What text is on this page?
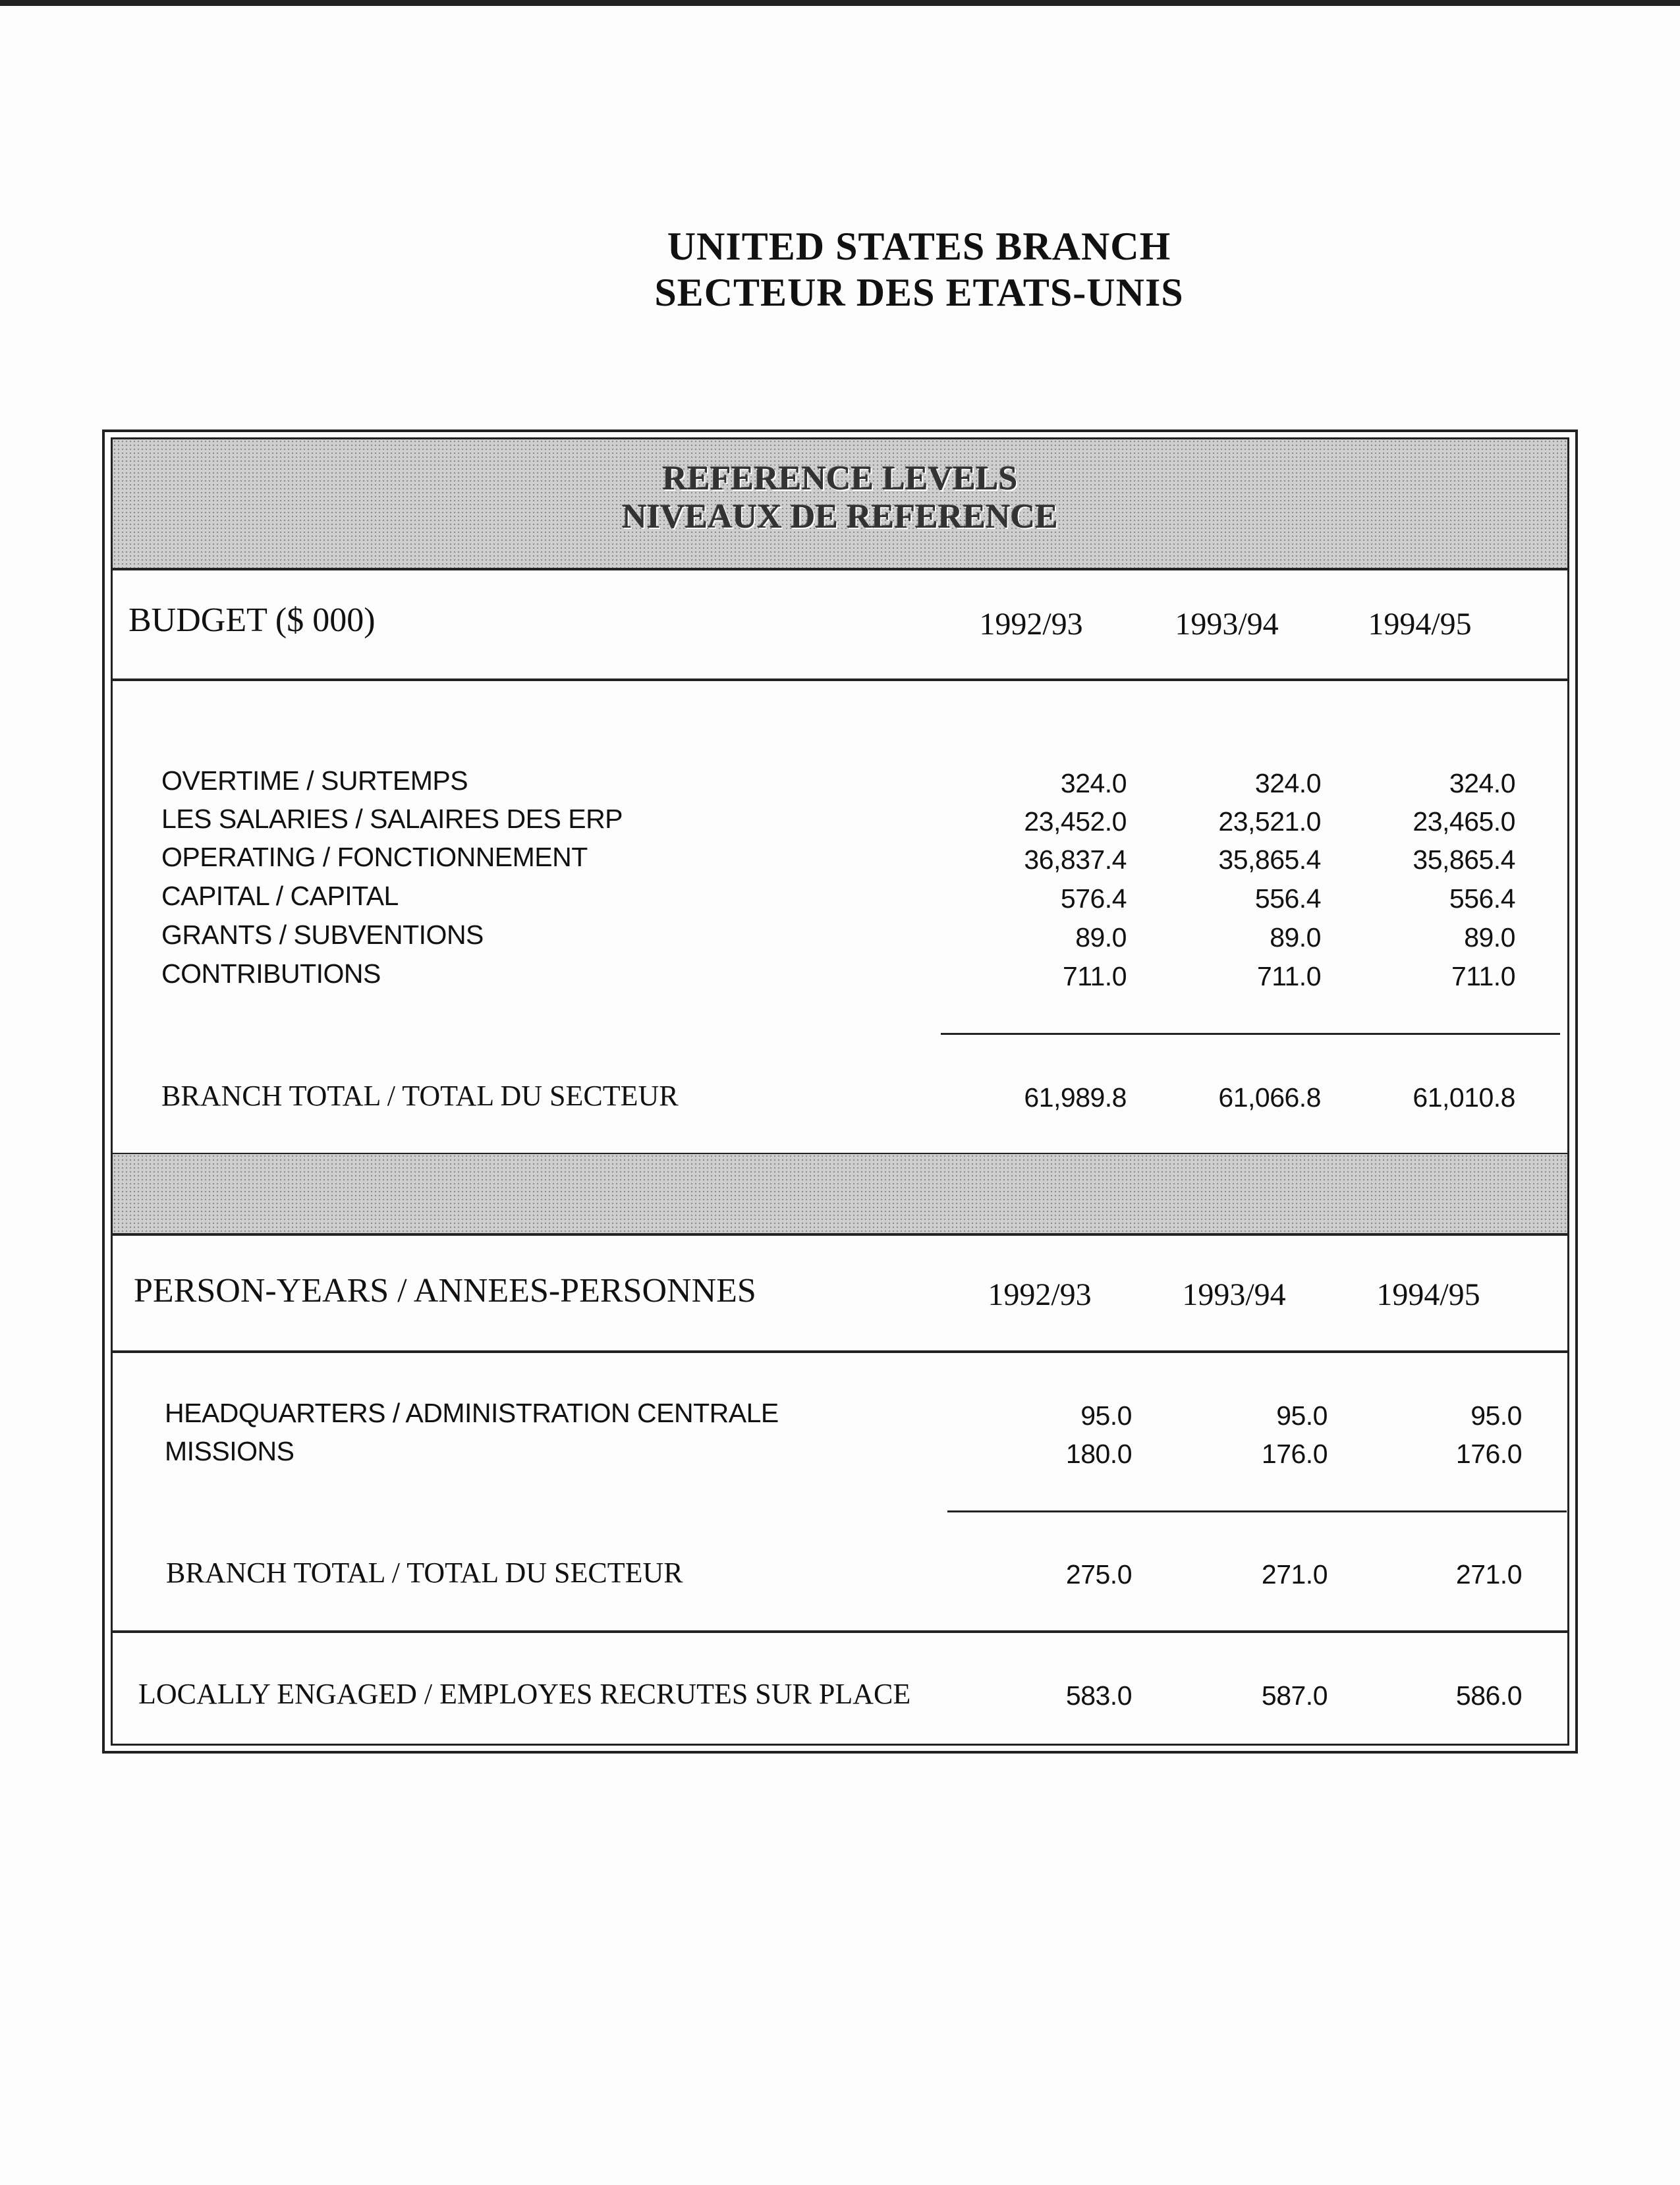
UNITED STATES BRANCH
SECTEUR DES ETATS-UNIS
REFERENCE LEVELS
NIVEAUX DE REFERENCE
BUDGET ($ 000)	1992/93	1993/94	1994/95
OVERTIME / SURTEMPS	324.0	324.0	324.0
LES SALARIES / SALAIRES DES ERP	23,452.0	23,521.0	23,465.0
OPERATING / FONCTIONNEMENT	36,837.4	35,865.4	35,865.4
CAPITAL / CAPITAL	576.4	556.4	556.4
GRANTS / SUBVENTIONS	89.0	89.0	89.0
CONTRIBUTIONS	711.0	711.0	711.0
BRANCH TOTAL / TOTAL DU SECTEUR	61,989.8	61,066.8	61,010.8
PERSON-YEARS / ANNEES-PERSONNES	1992/93	1993/94	1994/95
HEADQUARTERS / ADMINISTRATION CENTRALE	95.0	95.0	95.0
MISSIONS	180.0	176.0	176.0
BRANCH TOTAL / TOTAL DU SECTEUR	275.0	271.0	271.0
LOCALLY ENGAGED / EMPLOYES RECRUTES SUR PLACE	583.0	587.0	586.0
